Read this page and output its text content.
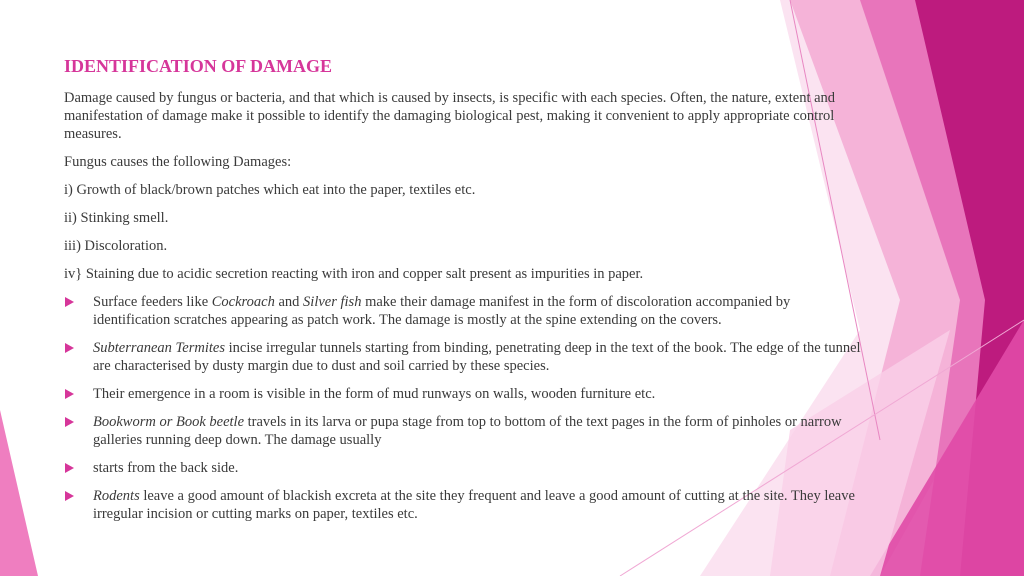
IDENTIFICATION OF DAMAGE

Damage caused by fungus or bacteria, and that which is caused by insects, is specific with each species. Often, the nature, extent and manifestation of damage make it possible to identify the damaging biological pest, making it convenient to apply appropriate control measures.

Fungus causes the following Damages:

i) Growth of black/brown patches which eat into the paper, textiles etc.

ii) Stinking smell.

iii) Discoloration.

iv} Staining due to acidic secretion reacting with iron and copper salt present as impurities in paper.

Surface feeders like Cockroach and Silver fish make their damage manifest in the form of discoloration accompanied by identification scratches appearing as patch work. The damage is mostly at the spine extending on the covers.
Subterranean Termites incise irregular tunnels starting from binding, penetrating deep in the text of the book. The edge of the tunnel are characterised by dusty margin due to dust and soil carried by these species.
Their emergence in a room is visible in the form of mud runways on walls, wooden furniture etc.
Bookworm or Book beetle travels in its larva or pupa stage from top to bottom of the text pages in the form of pinholes or narrow galleries running deep down. The damage usually
starts from the back side.
Rodents leave a good amount of blackish excreta at the site they frequent and leave a good amount of cutting at the site. They leave irregular incision or cutting marks on paper, textiles etc.
